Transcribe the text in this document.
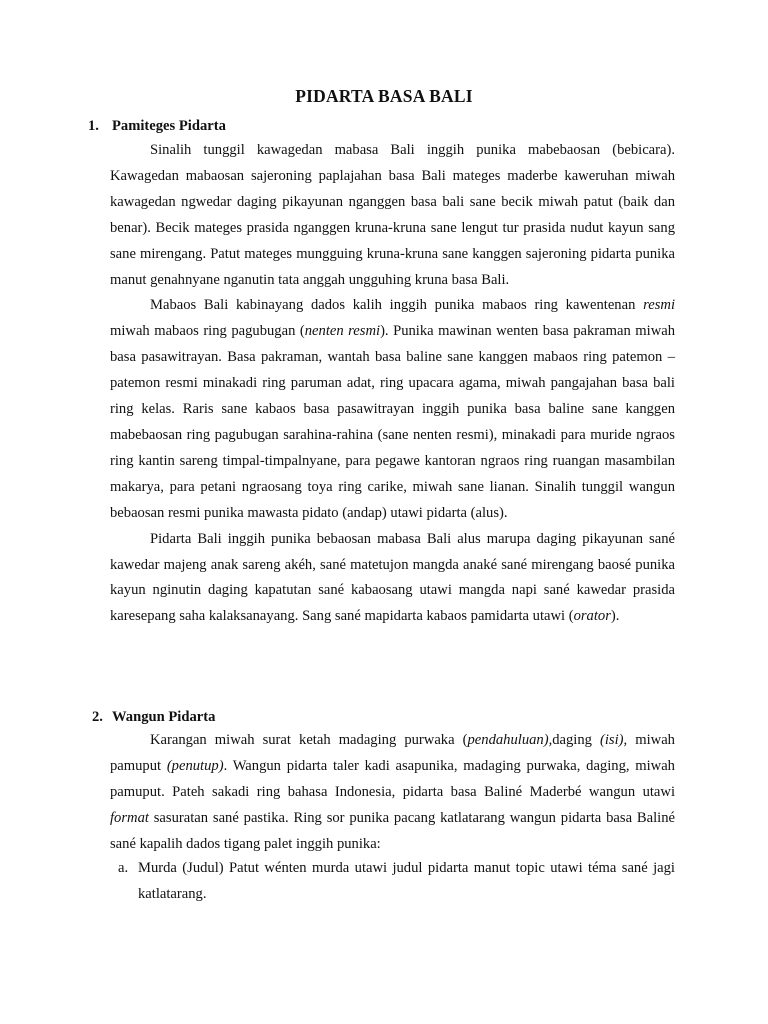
PIDARTA BASA BALI
1. Pamiteges Pidarta
Sinalih tunggil kawagedan mabasa Bali inggih punika mabebaosan (bebicara). Kawagedan mabaosan sajeroning paplajahan basa Bali mateges maderbe kaweruhan miwah kawagedan ngwedar daging pikayunan nganggen basa bali sane becik miwah patut (baik dan benar). Becik mateges prasida nganggen kruna-kruna sane lengut tur prasida nudut kayun sang sane mirengang. Patut mateges mungguing kruna-kruna sane kanggen sajeroning pidarta punika manut genahnyane nganutin tata anggah ungguhing kruna basa Bali.
Mabaos Bali kabinayang dados kalih inggih punika mabaos ring kawentenan resmi miwah mabaos ring pagubugan (nenten resmi). Punika mawinan wenten basa pakraman miwah basa pasawitrayan. Basa pakraman, wantah basa baline sane kanggen mabaos ring patemon – patemon resmi minakadi ring paruman adat, ring upacara agama, miwah pangajahan basa bali ring kelas. Raris sane kabaos basa pasawitrayan inggih punika basa baline sane kanggen mabebaosan ring pagubugan sarahina-rahina (sane nenten resmi), minakadi para muride ngraos ring kantin sareng timpal-timpalnyane, para pegawe kantoran ngraos ring ruangan masambilan makarya, para petani ngraosang toya ring carike, miwah sane lianan. Sinalih tunggil wangun bebaosan resmi punika mawasta pidato (andap) utawi pidarta (alus).
Pidarta Bali inggih punika bebaosan mabasa Bali alus marupa daging pikayunan sané kawedar majeng anak sareng akéh, sané matetujon mangda anaké sané mirengang baosé punika kayun nginutin daging kapatutan sané kabaosang utawi mangda napi sané kawedar prasida karesepang saha kalaksanayang. Sang sané mapidarta kabaos pamidarta utawi (orator).
2. Wangun Pidarta
Karangan miwah surat ketah madaging purwaka (pendahuluan),daging (isi), miwah pamuput (penutup). Wangun pidarta taler kadi asapunika, madaging purwaka, daging, miwah pamuput. Pateh sakadi ring bahasa Indonesia, pidarta basa Baliné Maderbé wangun utawi format sasuratan sané pastika. Ring sor punika pacang katlatarang wangun pidarta basa Baliné sané kapalih dados tigang palet inggih punika:
a. Murda (Judul) Patut wénten murda utawi judul pidarta manut topic utawi téma sané jagi katlatarang.
